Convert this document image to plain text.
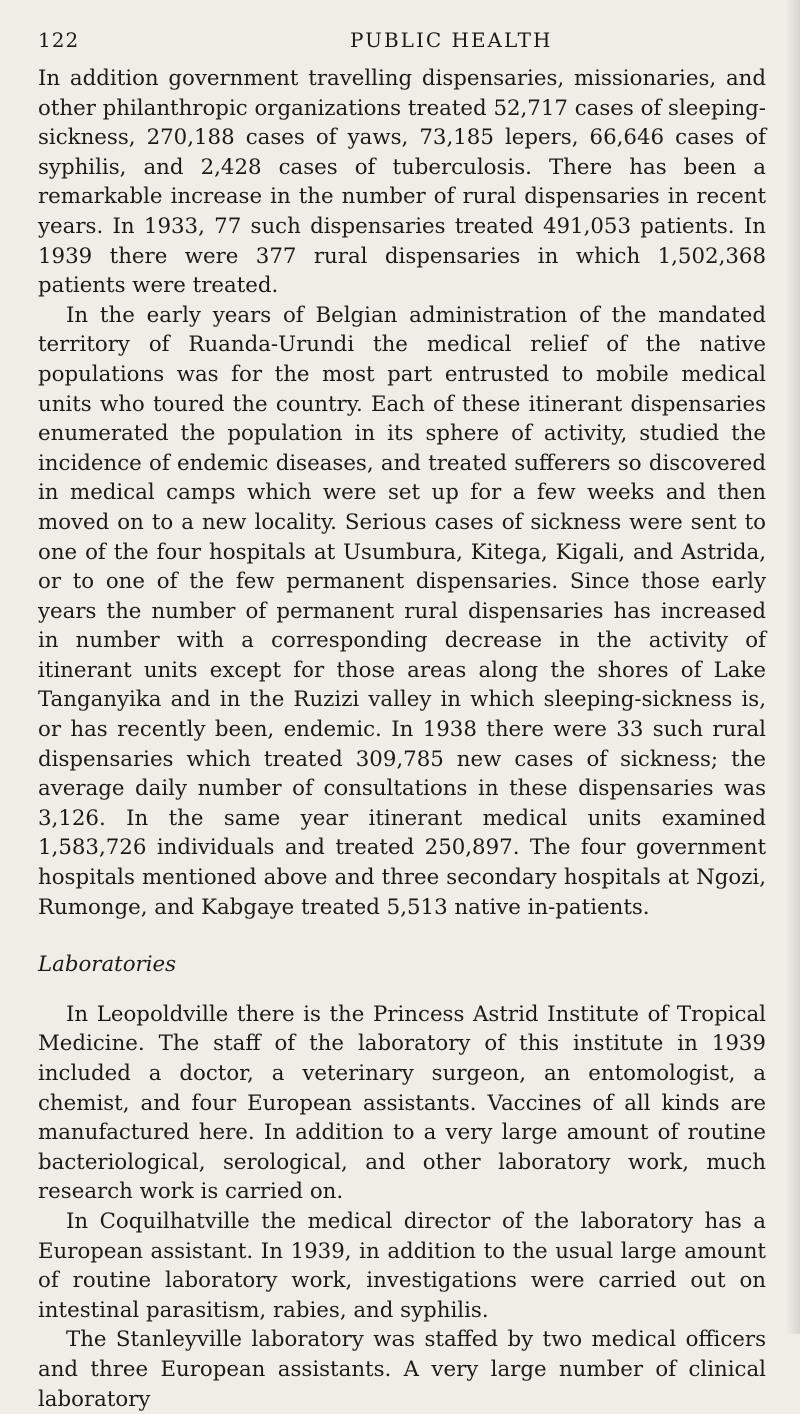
122	PUBLIC HEALTH

In addition government travelling dispensaries, missionaries, and other philanthropic organizations treated 52,717 cases of sleeping-sickness, 270,188 cases of yaws, 73,185 lepers, 66,646 cases of syphilis, and 2,428 cases of tuberculosis. There has been a remarkable increase in the number of rural dispensaries in recent years. In 1933, 77 such dispensaries treated 491,053 patients. In 1939 there were 377 rural dispensaries in which 1,502,368 patients were treated.

In the early years of Belgian administration of the mandated territory of Ruanda-Urundi the medical relief of the native populations was for the most part entrusted to mobile medical units who toured the country. Each of these itinerant dispensaries enumerated the population in its sphere of activity, studied the incidence of endemic diseases, and treated sufferers so discovered in medical camps which were set up for a few weeks and then moved on to a new locality. Serious cases of sickness were sent to one of the four hospitals at Usumbura, Kitega, Kigali, and Astrida, or to one of the few permanent dispensaries. Since those early years the number of permanent rural dispensaries has increased in number with a corresponding decrease in the activity of itinerant units except for those areas along the shores of Lake Tanganyika and in the Ruzizi valley in which sleeping-sickness is, or has recently been, endemic. In 1938 there were 33 such rural dispensaries which treated 309,785 new cases of sickness; the average daily number of consultations in these dispensaries was 3,126. In the same year itinerant medical units examined 1,583,726 individuals and treated 250,897. The four government hospitals mentioned above and three secondary hospitals at Ngozi, Rumonge, and Kabgaye treated 5,513 native in-patients.

Laboratories

In Leopoldville there is the Princess Astrid Institute of Tropical Medicine. The staff of the laboratory of this institute in 1939 included a doctor, a veterinary surgeon, an entomologist, a chemist, and four European assistants. Vaccines of all kinds are manufactured here. In addition to a very large amount of routine bacteriological, serological, and other laboratory work, much research work is carried on.

In Coquilhatville the medical director of the laboratory has a European assistant. In 1939, in addition to the usual large amount of routine laboratory work, investigations were carried out on intestinal parasitism, rabies, and syphilis.

The Stanleyville laboratory was staffed by two medical officers and three European assistants. A very large number of clinical laboratory
